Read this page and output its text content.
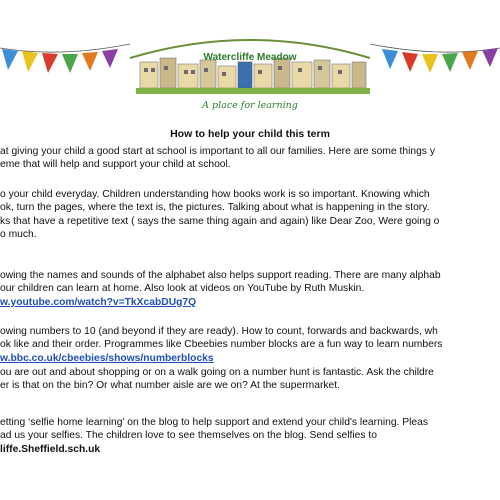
Watercliffe Meadow
A place for learning
How to help your child this term
at giving your child a good start at school is important to all our families. Here are some things y
eme that will help and support your child at school.
o your child everyday. Children understanding how books work is so important. Knowing which
ok, turn the pages, where the text is, the pictures. Talking about what is happening in the story.
ks that have a repetitive text ( says the same thing again and again) like Dear Zoo, Were going o
o much.
owing the names and sounds of the alphabet also helps support reading. There are many alphab
our children can learn at home. Also look at videos on YouTube by Ruth Muskin.
w.youtube.com/watch?v=TkXcabDUg7Q
owing numbers to 10 (and beyond if they are ready). How to count, forwards and backwards, wh
ok like and their order. Programmes like Cbeebies number blocks are a fun way to learn numbers
w.bbc.co.uk/cbeebies/shows/numberblocks
ou are out and about shopping or on a walk going on a number hunt is fantastic. Ask the childre
er is that on the bin? Or what number aisle are we on? At the supermarket.
etting ‘selfie home learning’ on the blog to help support and extend your child's learning. Pleas
ad us your selfies. The children love to see themselves on the blog. Send selfies to
liffe.Sheffield.sch.uk
